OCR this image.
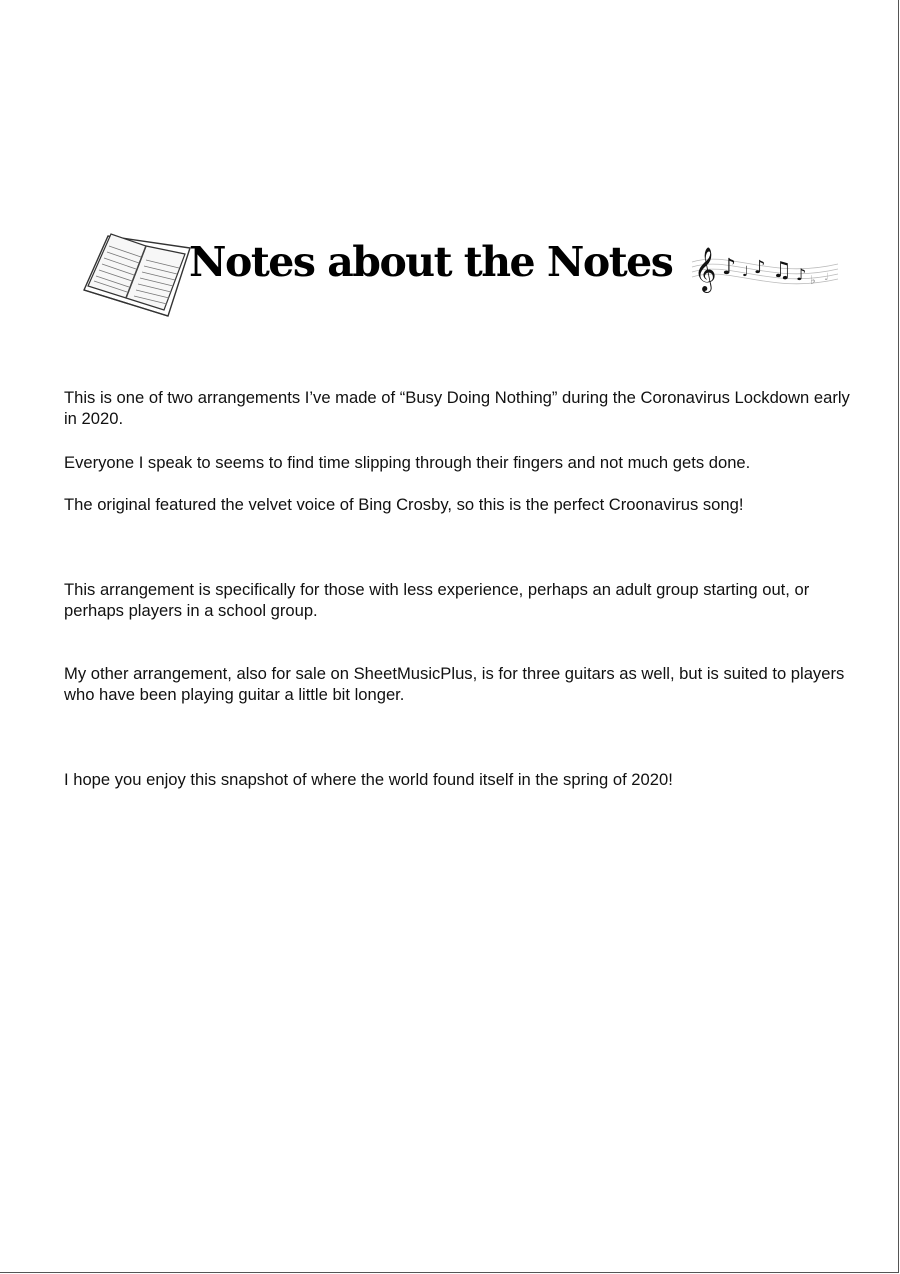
Notes about the Notes 𝄞 ♪ ♩ ♪ ♫ ♪ ♭ ♩

This is one of two arrangements I’ve made of “Busy Doing Nothing” during the Coronavirus Lockdown early in 2020.

Everyone I speak to seems to find time slipping through their fingers and not much gets done.

The original featured the velvet voice of Bing Crosby, so this is the perfect Croonavirus song!

This arrangement is specifically for those with less experience, perhaps an adult group starting out, or perhaps players in a school group.

My other arrangement, also for sale on SheetMusicPlus, is for three guitars as well, but is suited to players who have been playing guitar a little bit longer.

I hope you enjoy this snapshot of where the world found itself in the spring of 2020!
